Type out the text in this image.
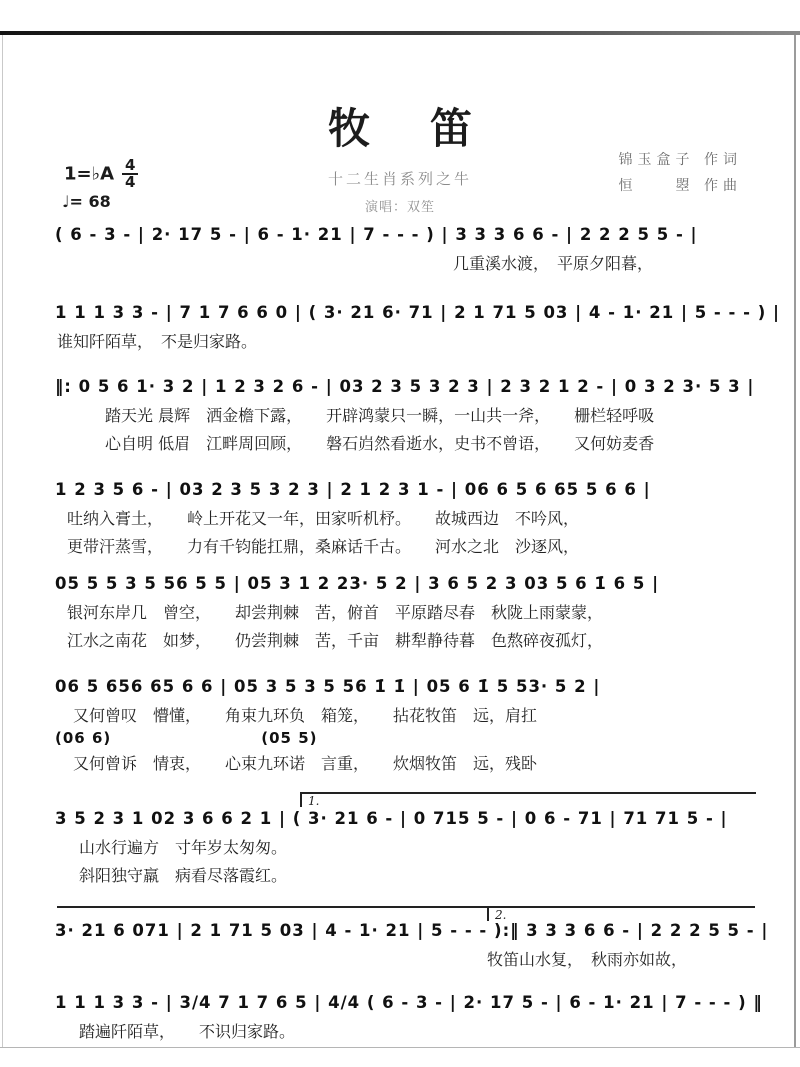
牧笛
1=♭A $\frac{4}{4}$
♩= 68
十二生肖系列之牛
演唱：双笙
锦玉盒子 作词
恒　　曌 作曲
( 6 - 3 - | 2· 17 5 - | 6 - 1· 21 | 7 - - - ) | 3 3 3 6 6 - | 2 2 2 5 5 - |
几重溪水渡，　平原夕阳暮，
1 1 1 3 3 - | 7 1 7 6 6 0 | ( 3· 21 6· 71 | 2 1 71 5 03 | 4 - 1· 21 | 5 - - - ) |
谁知阡陌草，　不是归家路。
‖: 0 5 6 1· 3 2 | 1 2 3 2 6 - | 03 2 3 5 3 2 3 | 2 3 2 1 2 - | 0 3 2 3· 5 3 |
踏天光 晨辉　洒金檐下露，　　开辟鸿蒙只一瞬，一山共一斧，　　栅栏轻呼吸
心自明 低眉　江畔周回顾，　　磐石岿然看逝水，史书不曾语，　　又何妨麦香
1 2 3 5 6 - | 03 2 3 5 3 2 3 | 2 1 2 3 1 - | 06 6 5 6 65 5 6 6 |
吐纳入膏土，　　岭上开花又一年，田家听机杼。　　故城西边　不吟风，
更带汗蒸雪，　　力有千钧能扛鼎，桑麻话千古。　　河水之北　沙逐风，
05 5 5 3 5 56 5 5 | 05 3 1 2 23· 5 2 | 3 6 5 2 3 03 5 6 1̇ 6 5 |
银河东岸几　曾空，　　却尝荆棘　苦，俯首　平原踏尽春　秋陇上雨蒙蒙，
江水之南花　如梦，　　仍尝荆棘　苦，千亩　耕犁静待暮　色熬碎夜孤灯，
06 5 656 65 6 6 | 05 3 5 3 5 56 1̇ 1̇ | 05 6 1̇ 5 53· 5 2 |
又何曾叹　懵懂，　　角束九环负　箱笼，　　拈花牧笛　远，肩扛
(06 6)	(05 5)
又何曾诉　情衷，　　心束九环诺　言重，　　炊烟牧笛　远，残卧
1.
2.
3 5 2 3 1 02 3 6 6 2 1 | ( 3· 21 6 - | 0 715 5 - | 0 6 - 71 | 71 71 5 - |
山水行遍方　寸年岁太匆匆。
斜阳独守羸　病看尽落霞红。
3· 21 6 071 | 2 1 71 5 03 | 4 - 1· 21 | 5 - - - ):‖ 3 3 3 6 6 - | 2 2 2 5 5 - |
牧笛山水复，　秋雨亦如故，
1 1 1 3 3 - | 3/4 7 1 7 6 5 | 4/4 ( 6 - 3 - | 2· 17 5 - | 6 - 1· 21 | 7 - - - ) ‖
踏遍阡陌草，　　不识归家路。
